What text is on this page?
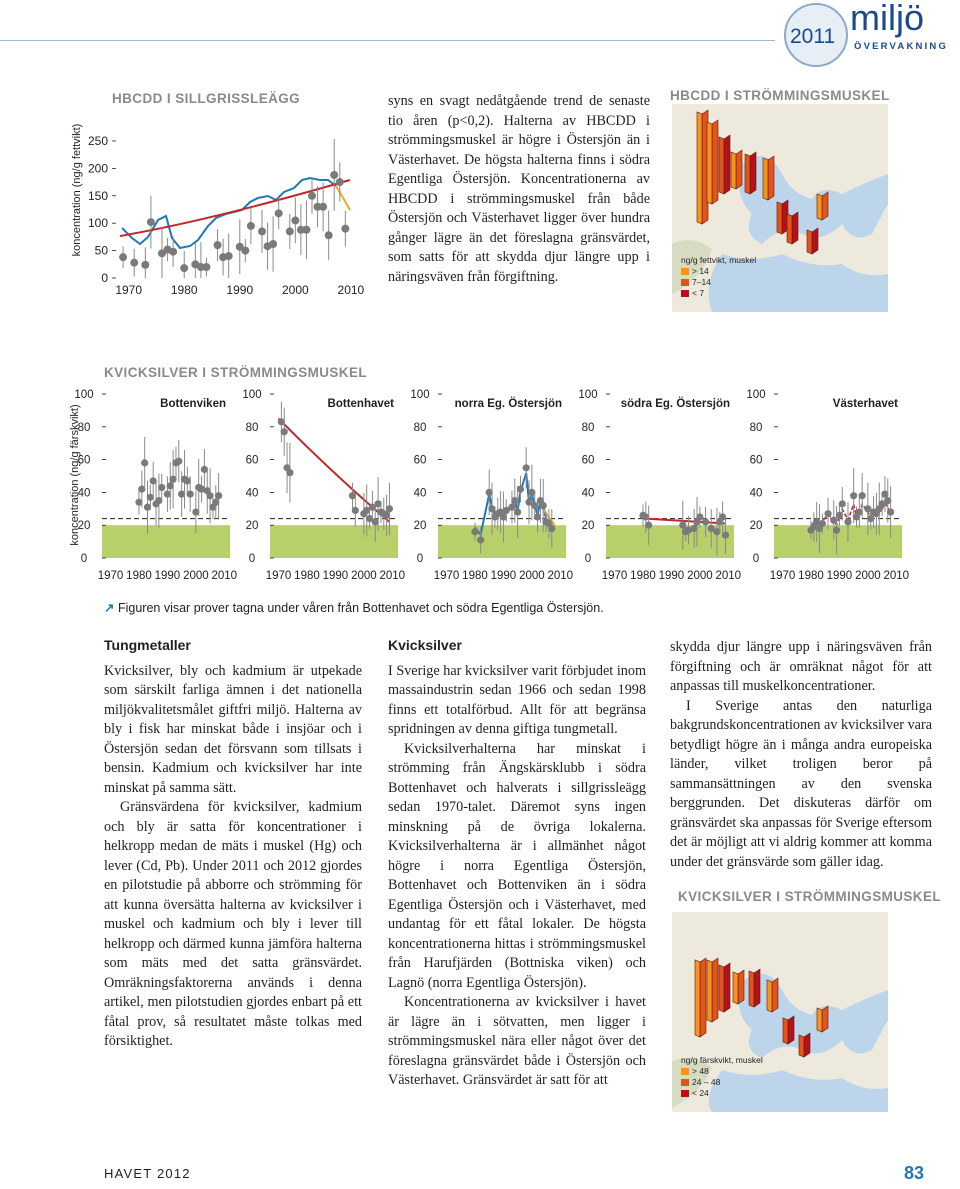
2011 miljö
ÖVERVAKNING
HBCDD I SILLGRISSLEÄGG
koncentration (ng/g fettvikt)
0
50
100
150
200
250
1970 1980 1990 2000 2010

syns en svagt nedåtgående trend de senaste tio åren (p<0,2). Halterna av HBCDD i strömmingsmuskel är högre i Östersjön än i Västerhavet. De högsta halterna finns i södra Egentliga Östersjön. Koncentrationerna av HBCDD i strömmingsmuskel från både Östersjön och Västerhavet ligger över hundra gånger lägre än det föreslagna gränsvärdet, som satts för att skydda djur längre upp i näringsväven från förgiftning.

HBCDD I STRÖMMINGSMUSKEL
ng/g fettvikt, muskel
> 14
7–14
< 7
KVICKSILVER I STRÖMMINGSMUSKEL
koncentration (ng/g färskvikt)
0
20
40
60
80
100
1970 1980 1990 2000 2010
Bottenviken
0
20
40
60
80
100
1970 1980 1990 2000 2010
Bottenhavet
0
20
40
60
80
100
1970 1980 1990 2000 2010
norra Eg. Östersjön
0
20
40
60
80
100
1970 1980 1990 2000 2010
södra Eg. Östersjön
0
20
40
60
80
100
1970 1980 1990 2000 2010
Västerhavet
↗ Figuren visar prover tagna under våren från Bottenhavet och södra Egentliga Östersjön.
Tungmetaller

Kvicksilver, bly och kadmium är utpekade som särskilt farliga ämnen i det nationella miljökvalitetsmålet giftfri miljö. Halterna av bly i fisk har minskat både i insjöar och i Östersjön sedan det försvann som tillsats i bensin. Kadmium och kvicksilver har inte minskat på samma sätt.

Gränsvärdena för kvicksilver, kadmium och bly är satta för koncentrationer i helkropp medan de mäts i muskel (Hg) och lever (Cd, Pb). Under 2011 och 2012 gjordes en pilotstudie på abborre och strömming för att kunna översätta halterna av kvicksilver i muskel och kadmium och bly i lever till helkropp och därmed kunna jämföra halterna som mäts med det satta gränsvärdet. Omräkningsfaktorerna används i denna artikel, men pilotstudien gjordes enbart på ett fåtal prov, så resultatet måste tolkas med försiktighet.

Kvicksilver

I Sverige har kvicksilver varit förbjudet inom massaindustrin sedan 1966 och sedan 1998 finns ett totalförbud. Allt för att begränsa spridningen av denna giftiga tungmetall.

Kvicksilverhalterna har minskat i strömming från Ängskärsklubb i södra Bottenhavet och halverats i sillgrisslеägg sedan 1970-talet. Däremot syns ingen minskning på de övriga lokalerna. Kvicksilverhalterna är i allmänhet något högre i norra Egentliga Östersjön, Bottenhavet och Bottenviken än i södra Egentliga Östersjön och i Västerhavet, med undantag för ett fåtal lokaler. De högsta koncentrationerna hittas i strömmingsmuskel från Harufjärden (Bottniska viken) och Lagnö (norra Egentliga Östersjön).

Koncentrationerna av kvicksilver i havet är lägre än i sötvatten, men ligger i strömmingsmuskel nära eller något över det föreslagna gränsvärdet både i Östersjön och Västerhavet. Gränsvärdet är satt för att

skydda djur längre upp i näringsväven från förgiftning och är omräknat något för att anpassas till muskelkoncentrationer.

I Sverige antas den naturliga bakgrundskoncentrationen av kvicksilver vara betydligt högre än i många andra europeiska länder, vilket troligen beror på sammansättningen av den svenska berggrunden. Det diskuteras därför om gränsvärdet ska anpassas för Sverige eftersom det är möjligt att vi aldrig kommer att komma under det gränsvärde som gäller idag.

KVICKSILVER I STRÖMMINGSMUSKEL
ng/g färskvikt, muskel
> 48
24 – 48
< 24
HAVET 2012	83
